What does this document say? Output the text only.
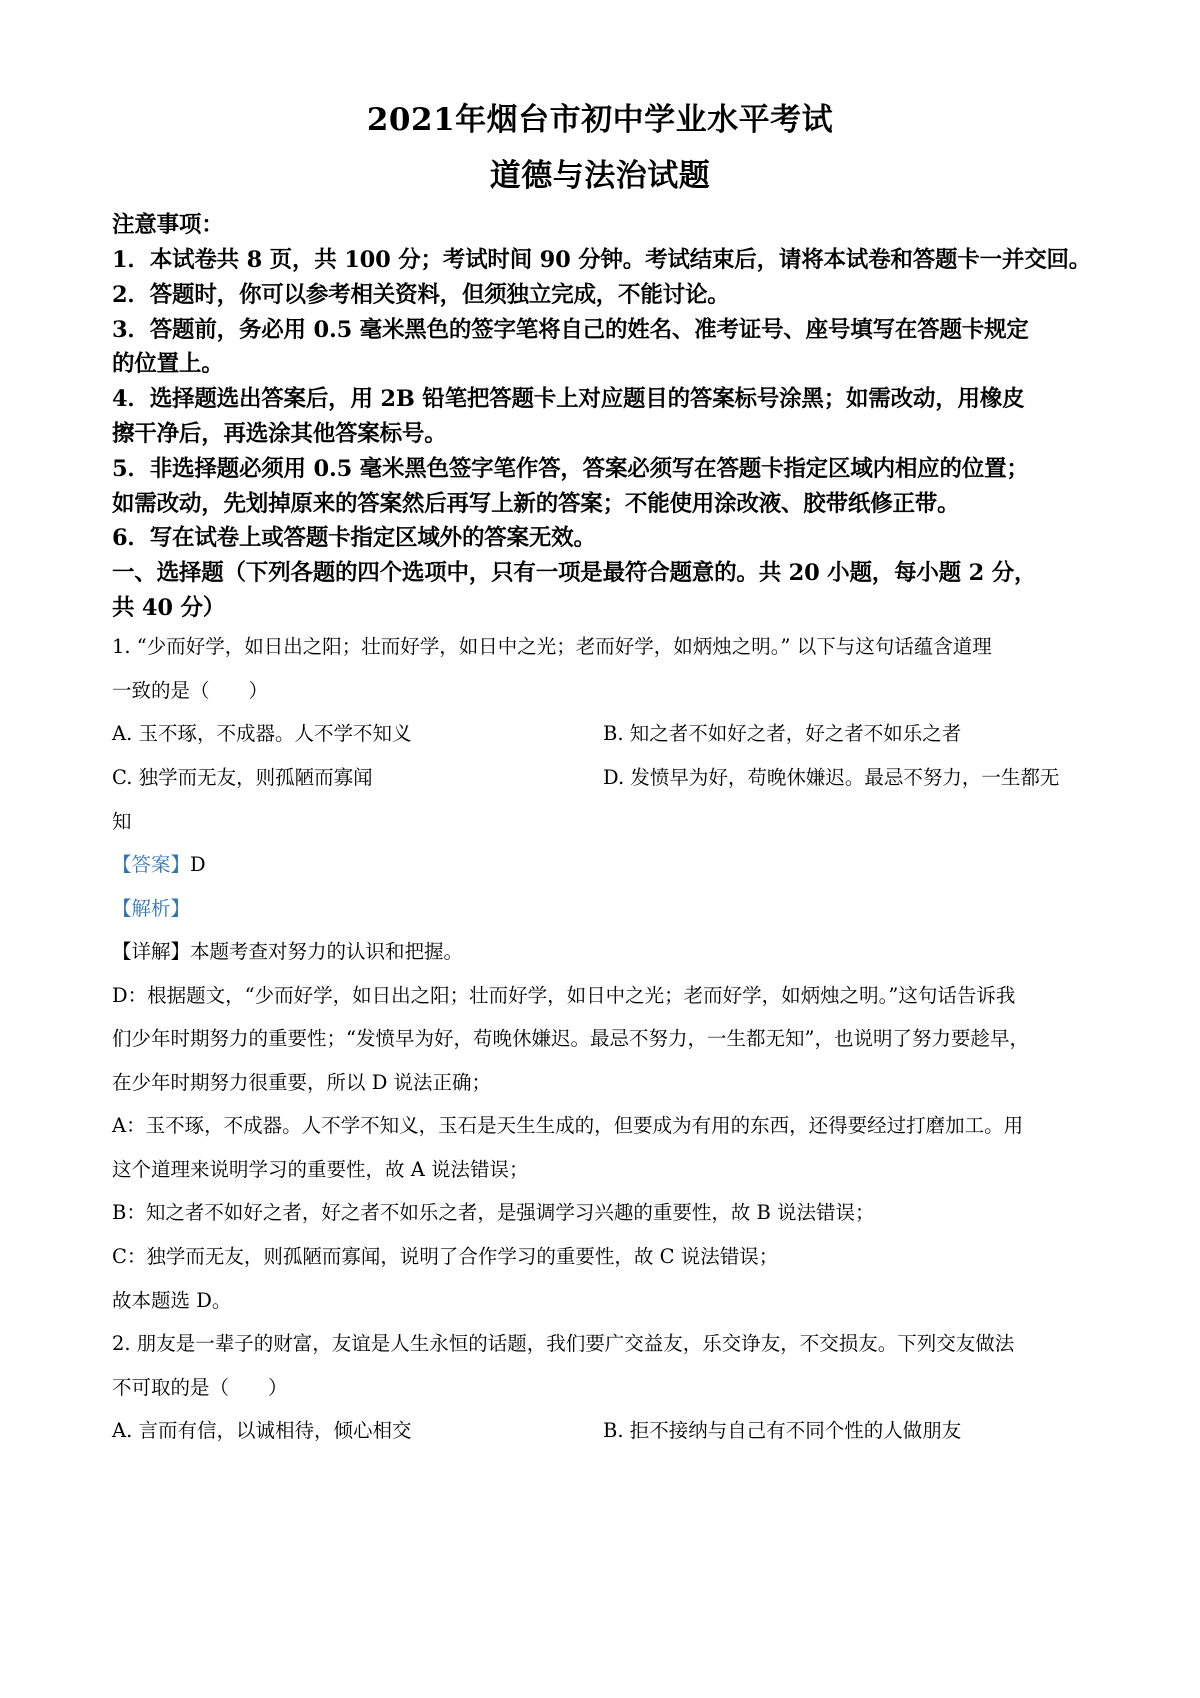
2021年烟台市初中学业水平考试
道德与法治试题
注意事项：
1．本试卷共 8 页，共 100 分；考试时间 90 分钟。考试结束后，请将本试卷和答题卡一并交回。
2．答题时，你可以参考相关资料，但须独立完成，不能讨论。
3．答题前，务必用 0.5 毫米黑色的签字笔将自己的姓名、准考证号、座号填写在答题卡规定
的位置上。
4．选择题选出答案后，用 2B 铅笔把答题卡上对应题目的答案标号涂黑；如需改动，用橡皮
擦干净后，再选涂其他答案标号。
5．非选择题必须用 0.5 毫米黑色签字笔作答，答案必须写在答题卡指定区域内相应的位置；
如需改动，先划掉原来的答案然后再写上新的答案；不能使用涂改液、胶带纸修正带。
6．写在试卷上或答题卡指定区域外的答案无效。
一、选择题（下列各题的四个选项中，只有一项是最符合题意的。共 20 小题，每小题 2 分，
共 40 分）
1. “少而好学，如日出之阳；壮而好学，如日中之光；老而好学，如炳烛之明。” 以下与这句话蕴含道理
一致的是（　　）
A. 玉不琢，不成器。人不学不知义	B. 知之者不如好之者，好之者不如乐之者
C. 独学而无友，则孤陋而寡闻	D. 发愤早为好，苟晚休嫌迟。最忌不努力，一生都无
知
【答案】D
【解析】
【详解】本题考查对努力的认识和把握。
D：根据题文，“少而好学，如日出之阳；壮而好学，如日中之光；老而好学，如炳烛之明。”这句话告诉我
们少年时期努力的重要性；“发愤早为好，苟晚休嫌迟。最忌不努力，一生都无知”，也说明了努力要趁早，
在少年时期努力很重要，所以 D 说法正确；
A：玉不琢，不成器。人不学不知义，玉石是天生生成的，但要成为有用的东西，还得要经过打磨加工。用
这个道理来说明学习的重要性，故 A 说法错误；
B：知之者不如好之者，好之者不如乐之者，是强调学习兴趣的重要性，故 B 说法错误；
C：独学而无友，则孤陋而寡闻，说明了合作学习的重要性，故 C 说法错误；
故本题选 D。
2. 朋友是一辈子的财富，友谊是人生永恒的话题，我们要广交益友，乐交诤友，不交损友。下列交友做法
不可取的是（　　）
A. 言而有信，以诚相待，倾心相交	B. 拒不接纳与自己有不同个性的人做朋友
